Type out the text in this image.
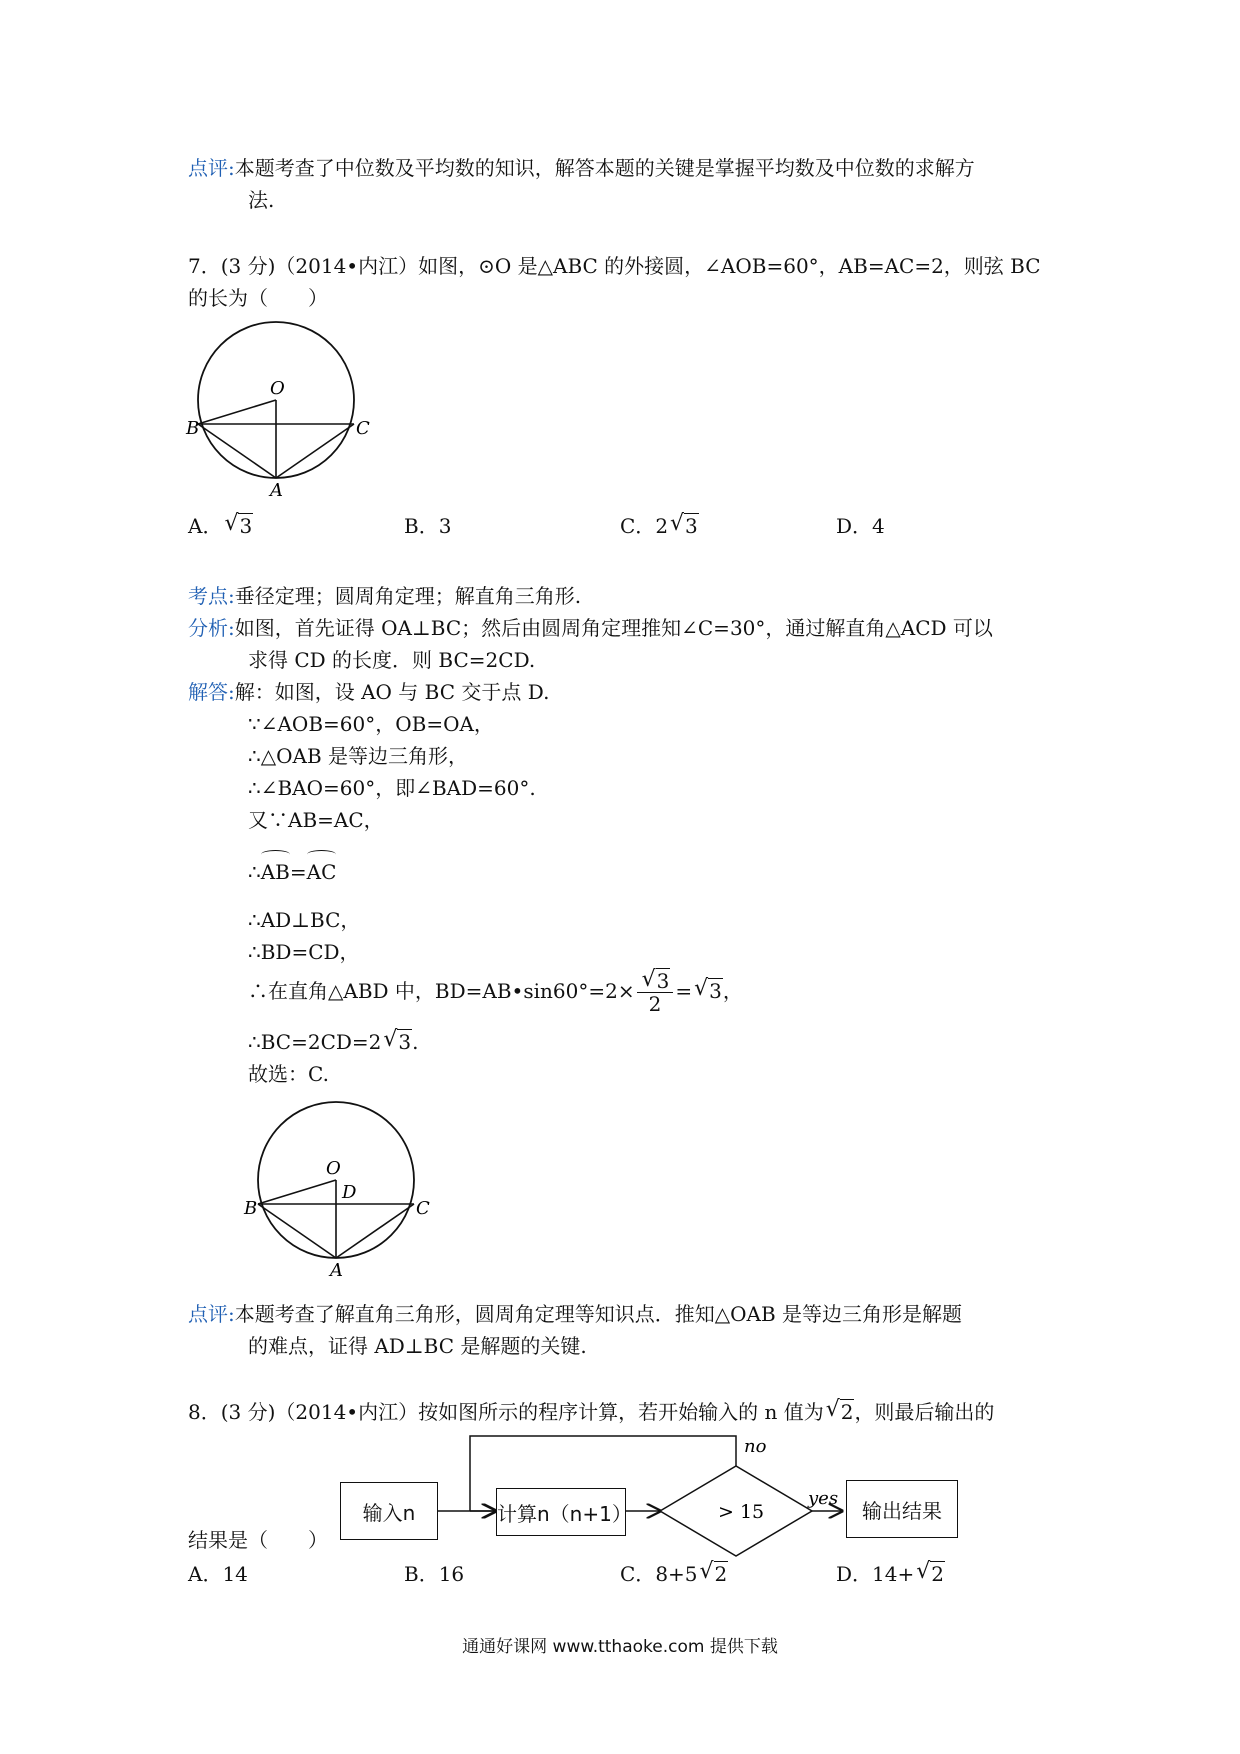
点评:本题考查了中位数及平均数的知识，解答本题的关键是掌握平均数及中位数的求解方
法.
7．(3 分)（2014•内江）如图，⊙O 是△ABC 的外接圆，∠AOB=60°，AB=AC=2，则弦 BC
的长为（　　）
O
B	C
A
A． √ 3	B．3	C．2 √ 3	D．4
考点:垂径定理；圆周角定理；解直角三角形.
分析:如图，首先证得 OA⊥BC；然后由圆周角定理推知∠C=30°，通过解直角△ACD 可以
求得 CD 的长度．则 BC=2CD.
解答:解：如图，设 AO 与 BC 交于点 D.
∵∠AOB=60°，OB=OA，
∴△OAB 是等边三角形，
∴∠BAO=60°，即∠BAD=60°.
又∵AB=AC，
∴AB=AC
∴AD⊥BC，
∴BD=CD，
∴在直角△ABD 中，BD=AB•sin60°=2× √ $\frac{3}{2}$ = √ 3，
∴BC=2CD=2 √ 3.
故选：C.
O
D
B	C
A
点评:本题考查了解直角三角形，圆周角定理等知识点．推知△OAB 是等边三角形是解题
的难点，证得 AD⊥BC 是解题的关键.
8．(3 分)（2014•内江）按如图所示的程序计算，若开始输入的 n 值为 √ 2，则最后输出的
no
yes
> 15
输入n	计算n（n+1）	输出结果
结果是（　　）
A．14	B．16	C．8+5 √ 2	D．14+ √ 2
通通好课网 www.tthaoke.com 提供下载
